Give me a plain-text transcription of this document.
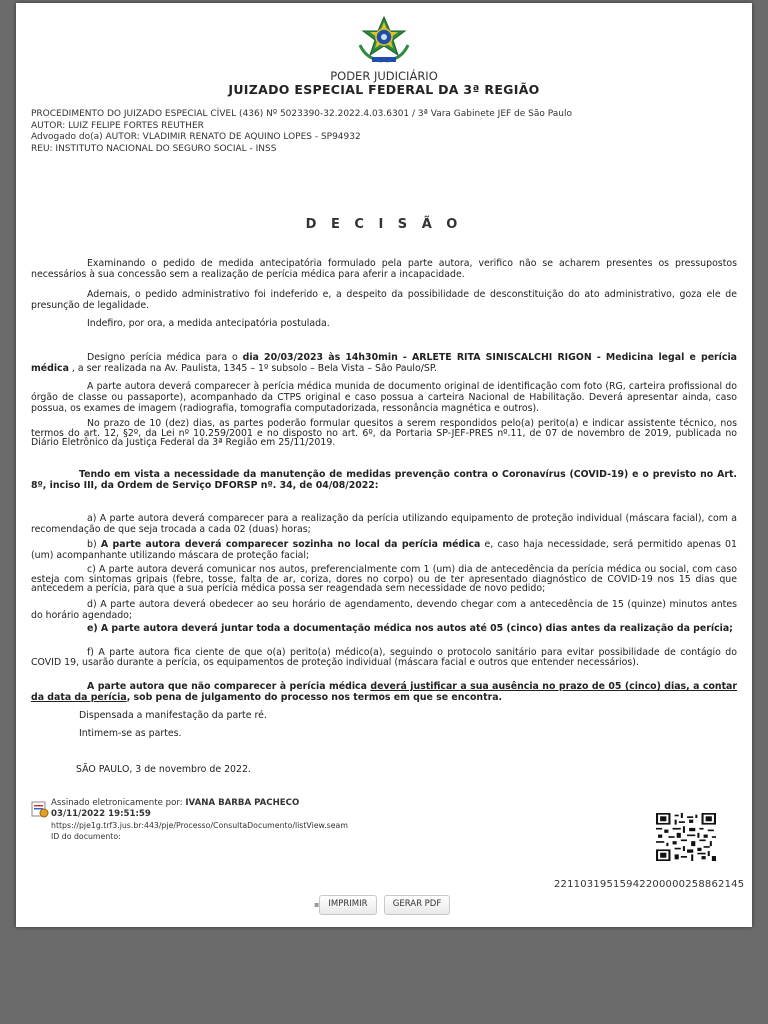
PODER JUDICIÁRIO
JUIZADO ESPECIAL FEDERAL DA 3ª REGIÃO
PROCEDIMENTO DO JUIZADO ESPECIAL CÍVEL (436) Nº 5023390-32.2022.4.03.6301 / 3ª Vara Gabinete JEF de São Paulo
AUTOR: LUIZ FELIPE FORTES REUTHER
Advogado do(a) AUTOR: VLADIMIR RENATO DE AQUINO LOPES - SP94932
REU: INSTITUTO NACIONAL DO SEGURO SOCIAL - INSS
D E C I S Ã O
Examinando o pedido de medida antecipatória formulado pela parte autora, verifico não se acharem presentes os pressupostos necessários à sua concessão sem a realização de perícia médica para aferir a incapacidade.
Ademais, o pedido administrativo foi indeferido e, a despeito da possibilidade de desconstituição do ato administrativo, goza ele de presunção de legalidade.
Indefiro, por ora, a medida antecipatória postulada.
Designo perícia médica para o dia 20/03/2023 às 14h30min - ARLETE RITA SINISCALCHI RIGON - Medicina legal e perícia médica , a ser realizada na Av. Paulista, 1345 – 1º subsolo – Bela Vista – São Paulo/SP.
A parte autora deverá comparecer à perícia médica munida de documento original de identificação com foto (RG, carteira profissional do órgão de classe ou passaporte), acompanhado da CTPS original e caso possua a carteira Nacional de Habilitação. Deverá apresentar ainda, caso possua, os exames de imagem (radiografia, tomografia computadorizada, ressonância magnética e outros).
No prazo de 10 (dez) dias, as partes poderão formular quesitos a serem respondidos pelo(a) perito(a) e indicar assistente técnico, nos termos do art. 12, §2º, da Lei nº 10.259/2001 e no disposto no art. 6º, da Portaria SP-JEF-PRES nº.11, de 07 de novembro de 2019, publicada no Diário Eletrônico da Justiça Federal da 3ª Região em 25/11/2019.
Tendo em vista a necessidade da manutenção de medidas prevenção contra o Coronavírus (COVID-19) e o previsto no Art. 8º, inciso III, da Ordem de Serviço DFORSP nº. 34, de 04/08/2022:
a) A parte autora deverá comparecer para a realização da perícia utilizando equipamento de proteção individual (máscara facial), com a recomendação de que seja trocada a cada 02 (duas) horas;
b) A parte autora deverá comparecer sozinha no local da perícia médica e, caso haja necessidade, será permitido apenas 01 (um) acompanhante utilizando máscara de proteção facial;
c) A parte autora deverá comunicar nos autos, preferencialmente com 1 (um) dia de antecedência da perícia médica ou social, com caso esteja com sintomas gripais (febre, tosse, falta de ar, coriza, dores no corpo) ou de ter apresentado diagnóstico de COVID-19 nos 15 dias que antecedem a perícia, para que a sua perícia médica possa ser reagendada sem necessidade de novo pedido;
d) A parte autora deverá obedecer ao seu horário de agendamento, devendo chegar com a antecedência de 15 (quinze) minutos antes do horário agendado;
e) A parte autora deverá juntar toda a documentação médica nos autos até 05 (cinco) dias antes da realização da perícia;
f) A parte autora fica ciente de que o(a) perito(a) médico(a), seguindo o protocolo sanitário para evitar possibilidade de contágio do COVID 19, usarão durante a perícia, os equipamentos de proteção individual (máscara facial e outros que entender necessários).
A parte autora que não comparecer à perícia médica deverá justificar a sua ausência no prazo de 05 (cinco) dias, a contar da data da perícia, sob pena de julgamento do processo nos termos em que se encontra.
Dispensada a manifestação da parte ré.
Intimem-se as partes.
SÃO PAULO, 3 de novembro de 2022.
Assinado eletronicamente por: IVANA BARBA PACHECO
03/11/2022 19:51:59
https://pje1g.trf3.jus.br:443/pje/Processo/ConsultaDocumento/listView.seam
ID do documento:
22110319515942200000258862145
▪	IMPRIMIR	GERAR PDF
